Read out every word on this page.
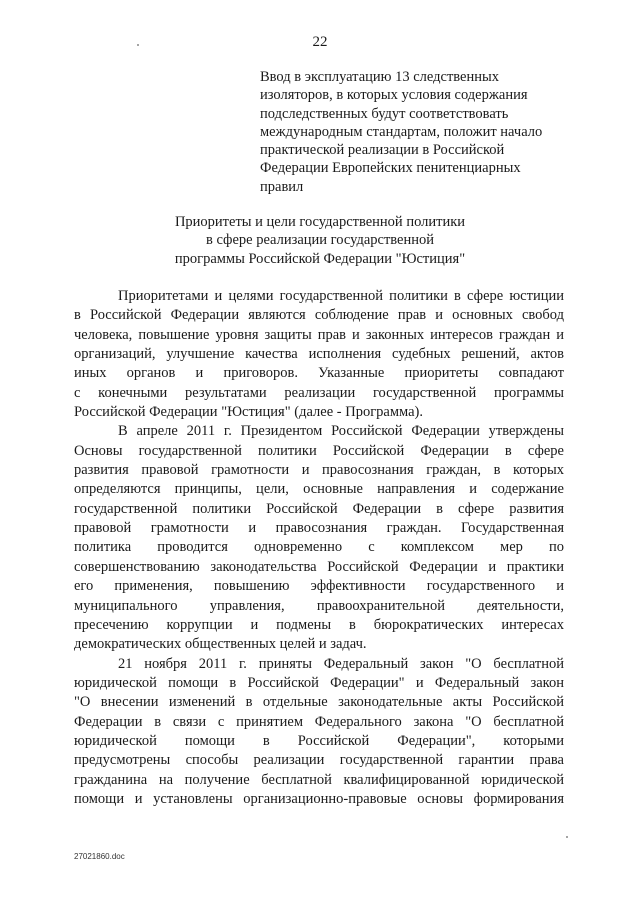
22
Ввод в эксплуатацию 13 следственных
изоляторов, в которых условия содержания
подследственных будут соответствовать
международным стандартам, положит начало
практической реализации в Российской
Федерации Европейских пенитенциарных
правил
Приоритеты и цели государственной политики
в сфере реализации государственной
программы Российской Федерации "Юстиция"
Приоритетами и целями государственной политики в сфере юстиции
в Российской Федерации являются соблюдение прав и основных свобод
человека, повышение уровня защиты прав и законных интересов граждан и
организаций, улучшение качества исполнения судебных решений, актов
иных органов и приговоров. Указанные приоритеты совпадают
с конечными результатами реализации государственной программы
Российской Федерации "Юстиция" (далее - Программа).
В апреле 2011 г. Президентом Российской Федерации утверждены
Основы государственной политики Российской Федерации в сфере
развития правовой грамотности и правосознания граждан, в которых
определяются принципы, цели, основные направления и содержание
государственной политики Российской Федерации в сфере развития
правовой грамотности и правосознания граждан. Государственная
политика проводится одновременно с комплексом мер по
совершенствованию законодательства Российской Федерации и практики
его применения, повышению эффективности государственного и
муниципального управления, правоохранительной деятельности,
пресечению коррупции и подмены в бюрократических интересах
демократических общественных целей и задач.
21 ноября 2011 г. приняты Федеральный закон "О бесплатной
юридической помощи в Российской Федерации" и Федеральный закон
"О внесении изменений в отдельные законодательные акты Российской
Федерации в связи с принятием Федерального закона "О бесплатной
юридической помощи в Российской Федерации", которыми
предусмотрены способы реализации государственной гарантии права
гражданина на получение бесплатной квалифицированной юридической
помощи и установлены организационно-правовые основы формирования
27021860.doc
